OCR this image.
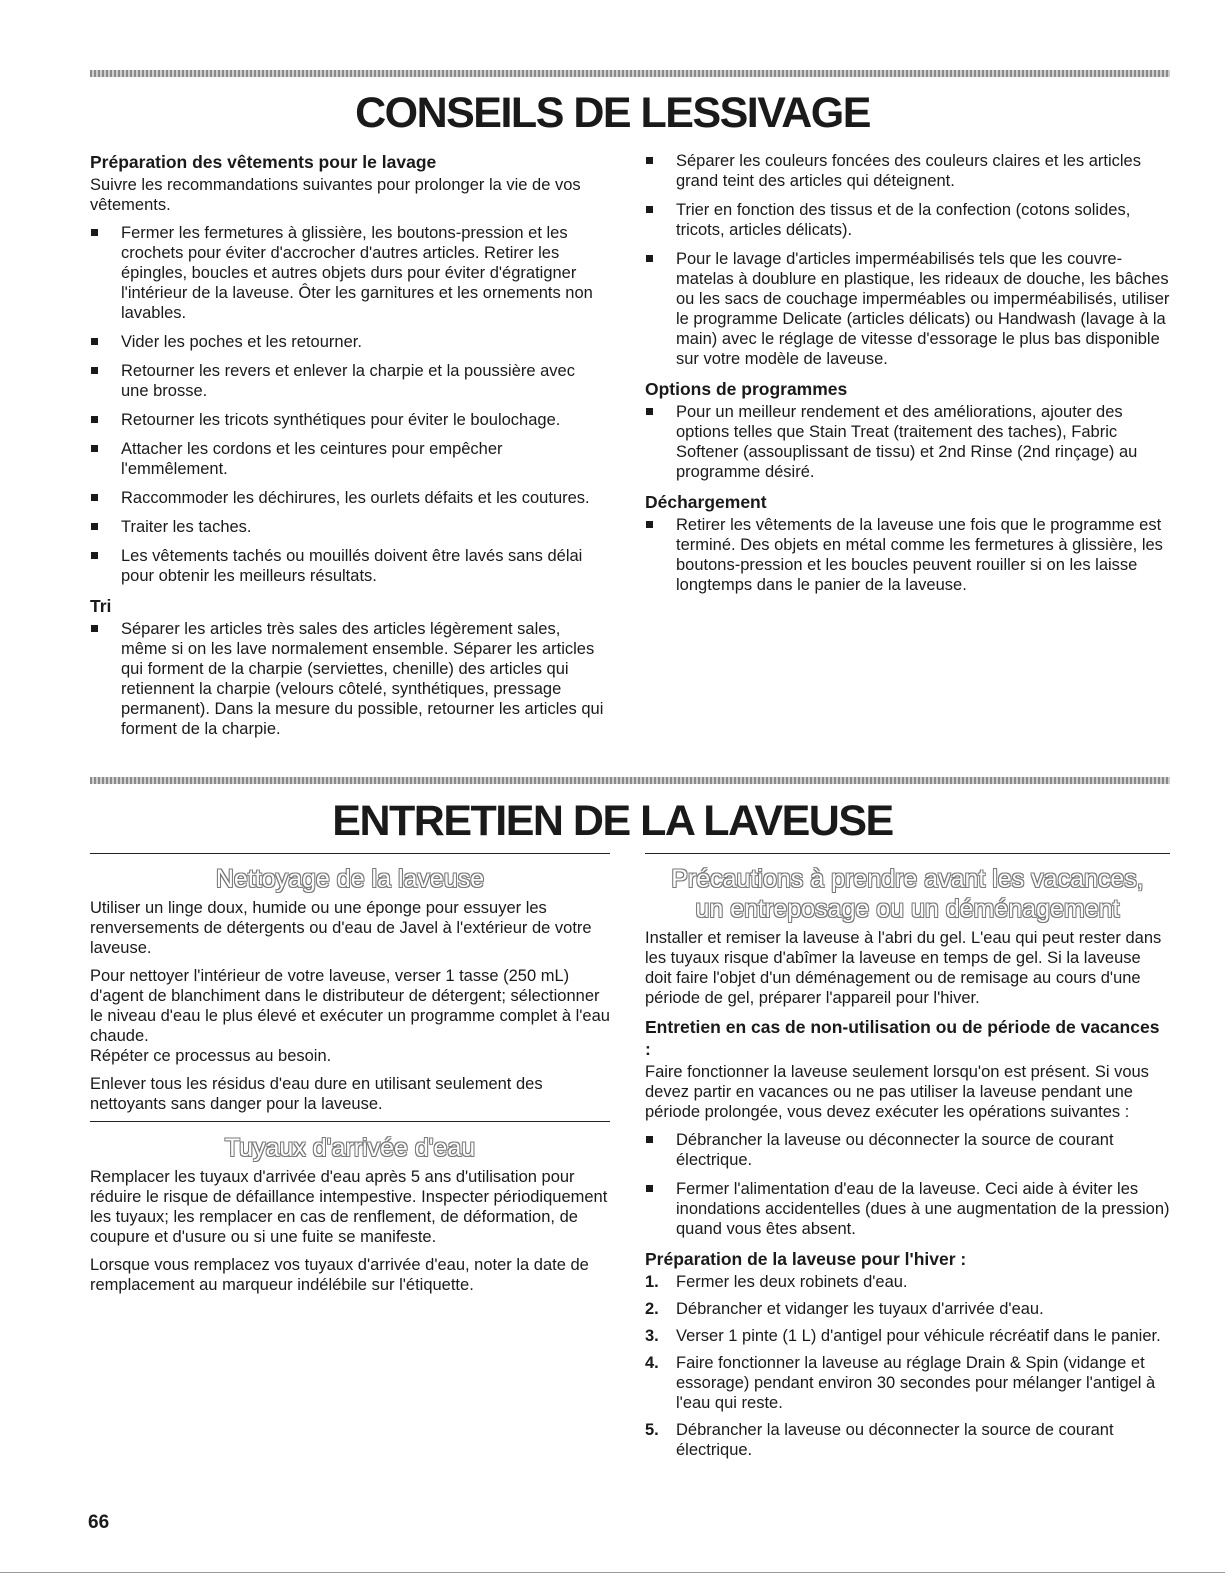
CONSEILS DE LESSIVAGE
Préparation des vêtements pour le lavage

Suivre les recommandations suivantes pour prolonger la vie de vos vêtements.

Fermer les fermetures à glissière, les boutons-pression et les crochets pour éviter d'accrocher d'autres articles. Retirer les épingles, boucles et autres objets durs pour éviter d'égratigner l'intérieur de la laveuse. Ôter les garnitures et les ornements non lavables.
Vider les poches et les retourner.
Retourner les revers et enlever la charpie et la poussière avec une brosse.
Retourner les tricots synthétiques pour éviter le boulochage.
Attacher les cordons et les ceintures pour empêcher l'emmêlement.
Raccommoder les déchirures, les ourlets défaits et les coutures.
Traiter les taches.
Les vêtements tachés ou mouillés doivent être lavés sans délai pour obtenir les meilleurs résultats.
Tri
Séparer les articles très sales des articles légèrement sales, même si on les lave normalement ensemble. Séparer les articles qui forment de la charpie (serviettes, chenille) des articles qui retiennent la charpie (velours côtelé, synthétiques, pressage permanent). Dans la mesure du possible, retourner les articles qui forment de la charpie.
Séparer les couleurs foncées des couleurs claires et les articles grand teint des articles qui déteignent.
Trier en fonction des tissus et de la confection (cotons solides, tricots, articles délicats).
Pour le lavage d'articles imperméabilisés tels que les couvre-matelas à doublure en plastique, les rideaux de douche, les bâches ou les sacs de couchage imperméables ou imperméabilisés, utiliser le programme Delicate (articles délicats) ou Handwash (lavage à la main) avec le réglage de vitesse d'essorage le plus bas disponible sur votre modèle de laveuse.
Options de programmes
Pour un meilleur rendement et des améliorations, ajouter des options telles que Stain Treat (traitement des taches), Fabric Softener (assouplissant de tissu) et 2nd Rinse (2nd rinçage) au programme désiré.
Déchargement
Retirer les vêtements de la laveuse une fois que le programme est terminé. Des objets en métal comme les fermetures à glissière, les boutons-pression et les boucles peuvent rouiller si on les laisse longtemps dans le panier de la laveuse.
ENTRETIEN DE LA LAVEUSE
Nettoyage de la laveuse

Utiliser un linge doux, humide ou une éponge pour essuyer les renversements de détergents ou d'eau de Javel à l'extérieur de votre laveuse.

Pour nettoyer l'intérieur de votre laveuse, verser 1 tasse (250 mL) d'agent de blanchiment dans le distributeur de détergent; sélectionner le niveau d'eau le plus élevé et exécuter un programme complet à l'eau chaude.

Répéter ce processus au besoin.

Enlever tous les résidus d'eau dure en utilisant seulement des nettoyants sans danger pour la laveuse.

Tuyaux d'arrivée d'eau

Remplacer les tuyaux d'arrivée d'eau après 5 ans d'utilisation pour réduire le risque de défaillance intempestive. Inspecter périodiquement les tuyaux; les remplacer en cas de renflement, de déformation, de coupure et d'usure ou si une fuite se manifeste.

Lorsque vous remplacez vos tuyaux d'arrivée d'eau, noter la date de remplacement au marqueur indélébile sur l'étiquette.

Précautions à prendre avant les vacances,
un entreposage ou un déménagement

Installer et remiser la laveuse à l'abri du gel. L'eau qui peut rester dans les tuyaux risque d'abîmer la laveuse en temps de gel. Si la laveuse doit faire l'objet d'un déménagement ou de remisage au cours d'une période de gel, préparer l'appareil pour l'hiver.

Entretien en cas de non-utilisation ou de période de vacances :

Faire fonctionner la laveuse seulement lorsqu'on est présent. Si vous devez partir en vacances ou ne pas utiliser la laveuse pendant une période prolongée, vous devez exécuter les opérations suivantes :

Débrancher la laveuse ou déconnecter la source de courant électrique.
Fermer l'alimentation d'eau de la laveuse. Ceci aide à éviter les inondations accidentelles (dues à une augmentation de la pression) quand vous êtes absent.
Préparation de la laveuse pour l'hiver :
1. Fermer les deux robinets d'eau.
2. Débrancher et vidanger les tuyaux d'arrivée d'eau.
3. Verser 1 pinte (1 L) d'antigel pour véhicule récréatif dans le panier.
4. Faire fonctionner la laveuse au réglage Drain & Spin (vidange et essorage) pendant environ 30 secondes pour mélanger l'antigel à l'eau qui reste.
5. Débrancher la laveuse ou déconnecter la source de courant électrique.
66
